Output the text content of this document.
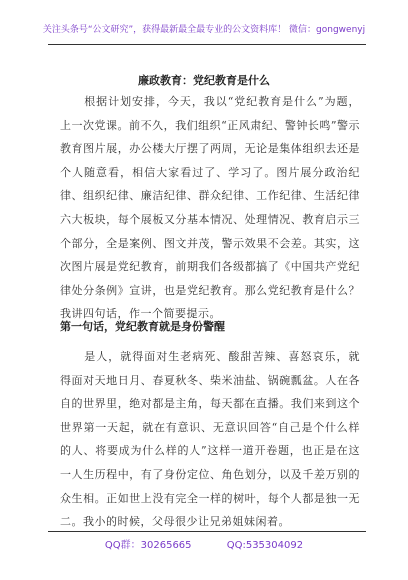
关注头条号“公文研究”，获得最新最全最专业的公文资料库！ 微信：gongwenyj
廉政教育：党纪教育是什么
根据计划安排，今天，我以“党纪教育是什么”为题，上一次党课。前不久，我们组织“正风肃纪、警钟长鸣”警示教育图片展，办公楼大厅摆了两周，无论是集体组织去还是个人随意看，相信大家看过了、学习了。图片展分政治纪律、组织纪律、廉洁纪律、群众纪律、工作纪律、生活纪律六大板块，每个展板又分基本情况、处理情况、教育启示三个部分，全是案例、图文并茂，警示效果不会差。其实，这次图片展是党纪教育，前期我们各级都搞了《中国共产党纪律处分条例》宣讲，也是党纪教育。那么党纪教育是什么？我讲四句话，作一个简要提示。
第一句话，党纪教育就是身份警醒
是人，就得面对生老病死、酸甜苦辣、喜怒哀乐，就得面对天地日月、春夏秋冬、柴米油盐、锅碗瓢盆。人在各自的世界里，绝对都是主角，每天都在直播。我们来到这个世界第一天起，就在有意识、无意识回答“自己是个什么样的人、将要成为什么样的人”这样一道开卷题，也正是在这一人生历程中，有了身份定位、角色划分，以及千差万别的众生相。正如世上没有完全一样的树叶，每个人都是独一无二。我小的时候，父母很少让兄弟姐妹闲着。
QQ群：30265665	QQ:535304092
